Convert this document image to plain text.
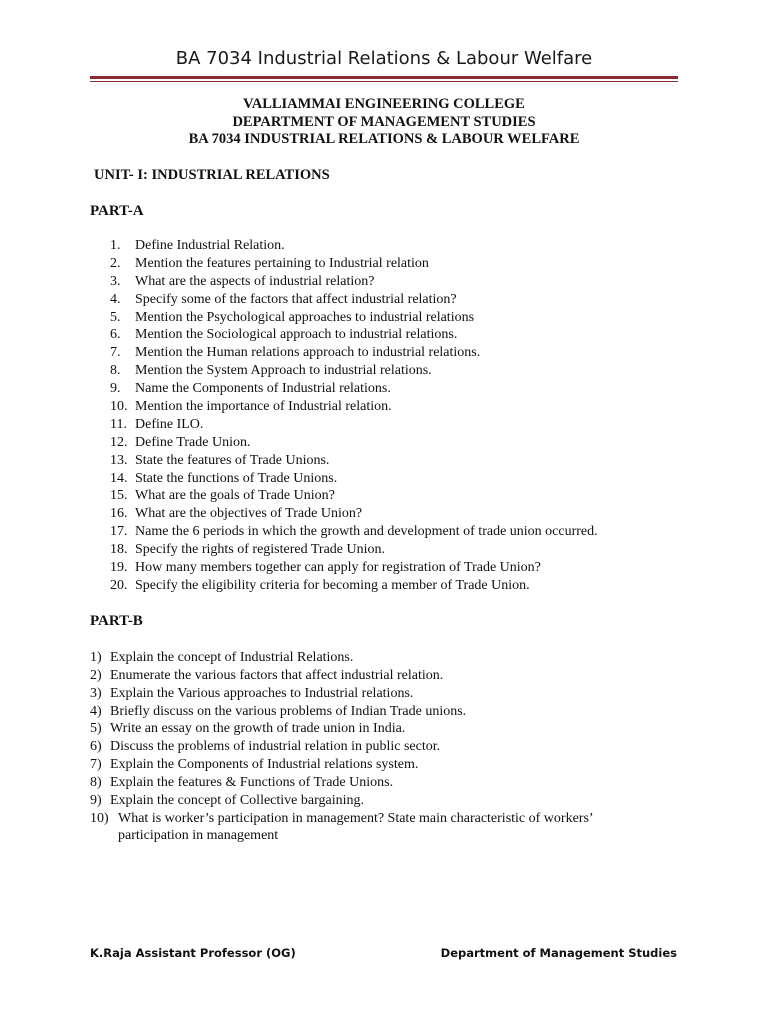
BA 7034 Industrial Relations & Labour Welfare
VALLIAMMAI ENGINEERING COLLEGE
DEPARTMENT OF MANAGEMENT STUDIES
BA 7034 INDUSTRIAL RELATIONS & LABOUR WELFARE
UNIT- I: INDUSTRIAL RELATIONS
PART-A
1. Define Industrial Relation.
2. Mention the features pertaining to Industrial relation
3. What are the aspects of industrial relation?
4. Specify some of the factors that affect industrial relation?
5. Mention the Psychological approaches to industrial relations
6. Mention the Sociological approach to industrial relations.
7. Mention the Human relations approach to industrial relations.
8. Mention the System Approach to industrial relations.
9. Name the Components of Industrial relations.
10. Mention the importance of Industrial relation.
11. Define ILO.
12. Define Trade Union.
13. State the features of Trade Unions.
14. State the functions of Trade Unions.
15. What are the goals of Trade Union?
16. What are the objectives of Trade Union?
17. Name the 6 periods in which the growth and development of trade union occurred.
18. Specify the rights of registered Trade Union.
19. How many members together can apply for registration of Trade Union?
20. Specify the eligibility criteria for becoming a member of Trade Union.
PART-B
1) Explain the concept of Industrial Relations.
2) Enumerate the various factors that affect industrial relation.
3) Explain the Various approaches to Industrial relations.
4) Briefly discuss on the various problems of Indian Trade unions.
5) Write an essay on the growth of trade union in India.
6) Discuss the problems of industrial relation in public sector.
7) Explain the Components of Industrial relations system.
8) Explain the features & Functions of Trade Unions.
9) Explain the concept of Collective bargaining.
10) What is worker’s participation in management? State main characteristic of workers’ participation in management
K.Raja Assistant Professor (OG)	Department of Management Studies
